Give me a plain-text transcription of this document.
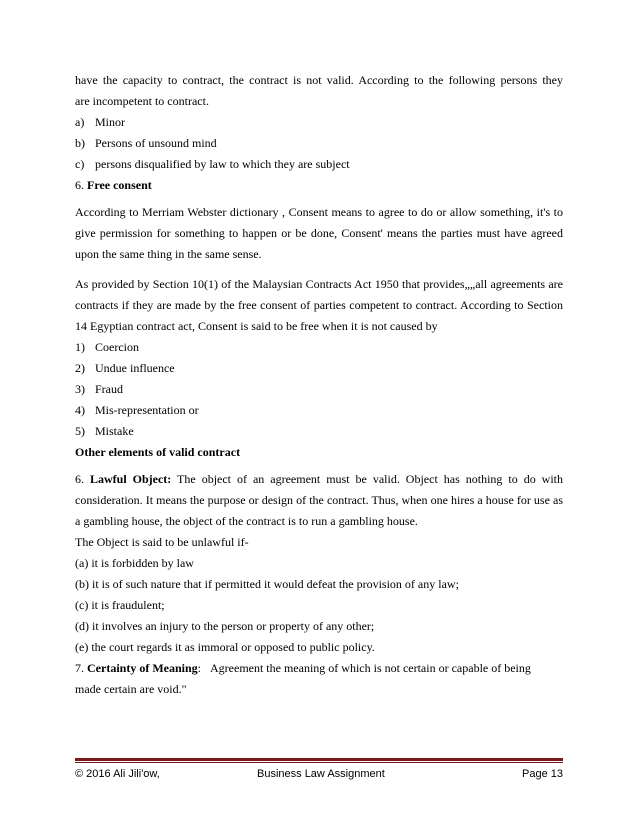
have the capacity to contract, the contract is not valid. According to the following persons they

are incompetent to contract.

a) Minor
b) Persons of unsound mind
c) persons disqualified by law to which they are subject

6. Free consent

According to Merriam Webster dictionary , Consent means to agree to do or allow something, it's to give permission for something to happen or be done, Consent' means the parties must have agreed upon the same thing in the same sense.

As provided by Section 10(1) of the Malaysian Contracts Act 1950 that provides„„all agreements are contracts if they are made by the free consent of parties competent to contract. According to Section 14 Egyptian contract act, Consent is said to be free when it is not caused by

1) Coercion
2) Undue influence
3) Fraud
4) Mis-representation or
5) Mistake

Other elements of valid contract

6. Lawful Object: The object of an agreement must be valid. Object has nothing to do with consideration. It means the purpose or design of the contract. Thus, when one hires a house for use as a gambling house, the object of the contract is to run a gambling house.

The Object is said to be unlawful if-

(a) it is forbidden by law

(b) it is of such nature that if permitted it would defeat the provision of any law;

(c) it is fraudulent;

(d) it involves an injury to the person or property of any other;

(e) the court regards it as immoral or opposed to public policy.

7. Certainty of Meaning: Agreement the meaning of which is not certain or capable of being

made certain are void."

© 2016 Ali Jili'ow,	Business Law Assignment	Page 13
